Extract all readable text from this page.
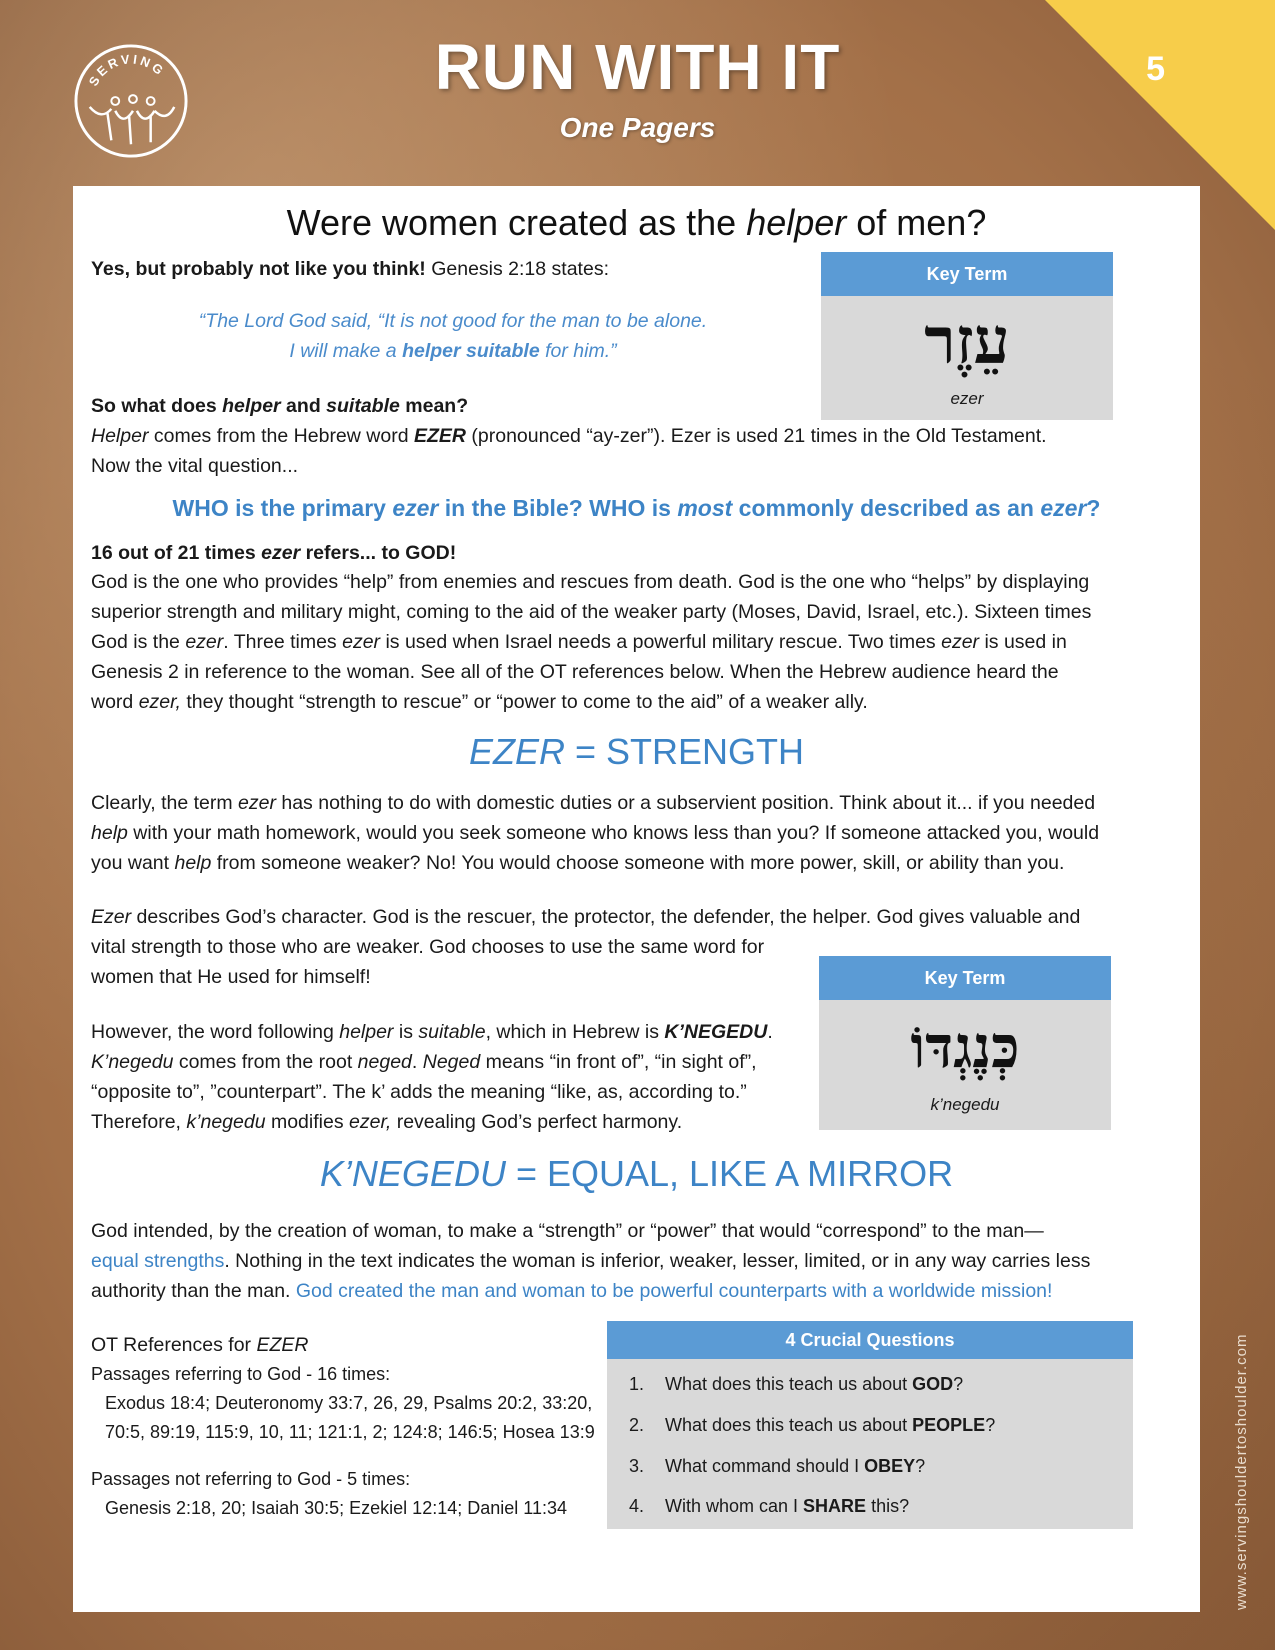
5
SERVING	RUN WITH IT
One Pagers
www.servingshouldertoshoulder.com
Were women created as the helper of men?
Yes, but probably not like you think! Genesis 2:18 states:
“The Lord God said, “It is not good for the man to be alone.
I will make a helper suitable for him.”
Key Term
עֵזֶר
ezer
So what does helper and suitable mean?
Helper comes from the Hebrew word EZER (pronounced “ay-zer”). Ezer is used 21 times in the Old Testament.
Now the vital question...
WHO is the primary ezer in the Bible? WHO is most commonly described as an ezer?
16 out of 21 times ezer refers... to GOD!
God is the one who provides “help” from enemies and rescues from death. God is the one who “helps” by displaying
superior strength and military might, coming to the aid of the weaker party (Moses, David, Israel, etc.). Sixteen times
God is the ezer. Three times ezer is used when Israel needs a powerful military rescue. Two times ezer is used in
Genesis 2 in reference to the woman. See all of the OT references below. When the Hebrew audience heard the
word ezer, they thought “strength to rescue” or “power to come to the aid” of a weaker ally.
EZER = STRENGTH
Clearly, the term ezer has nothing to do with domestic duties or a subservient position. Think about it... if you needed
help with your math homework, would you seek someone who knows less than you? If someone attacked you, would
you want help from someone weaker? No! You would choose someone with more power, skill, or ability than you.
Ezer describes God’s character. God is the rescuer, the protector, the defender, the helper. God gives valuable and
vital strength to those who are weaker. God chooses to use the same word for
women that He used for himself!	Key Term
כְּנֶגְדּוֹ
k’negedu
However, the word following helper is suitable, which in Hebrew is K’NEGEDU.
K’negedu comes from the root neged. Neged means “in front of”, “in sight of”,
“opposite to”, ”counterpart”. The k’ adds the meaning “like, as, according to.”
Therefore, k’negedu modifies ezer, revealing God’s perfect harmony.
K’NEGEDU = EQUAL, LIKE A MIRROR
God intended, by the creation of woman, to make a “strength” or “power” that would “correspond” to the man—
equal strengths. Nothing in the text indicates the woman is inferior, weaker, lesser, limited, or in any way carries less
authority than the man. God created the man and woman to be powerful counterparts with a worldwide mission!
OT References for EZER
Passages referring to God - 16 times:
Exodus 18:4; Deuteronomy 33:7, 26, 29, Psalms 20:2, 33:20,
70:5, 89:19, 115:9, 10, 11; 121:1, 2; 124:8; 146:5; Hosea 13:9
Passages not referring to God - 5 times:
Genesis 2:18, 20; Isaiah 30:5; Ezekiel 12:14; Daniel 11:34
4 Crucial Questions
1. What does this teach us about GOD?
2. What does this teach us about PEOPLE?
3. What command should I OBEY?
4. With whom can I SHARE this?
